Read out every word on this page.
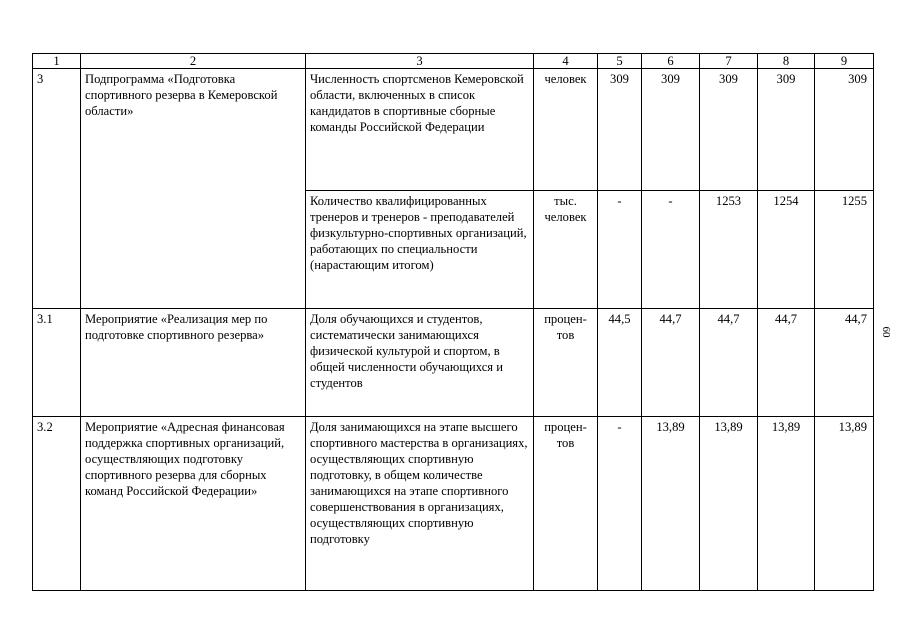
1	2	3	4	5	6	7	8	9
3	Подпрограмма «Подготовка спортивного резерва в Кемеровской области»	Численность спортсменов Кемеровской области, включенных в список кандидатов в спортивные сборные команды Российской Федерации	человек	309	309	309	309	309
		Количество квалифицированных тренеров и тренеров - преподавателей физкультурно-спортивных организаций, работающих по специальности (нарастающим итогом)	тыс. человек	-	-	1253	1254	1255
3.1	Мероприятие «Реализация мер по подготовке спортивного резерва»	Доля обучающихся и студентов, систематически занимающихся физической культурой и спортом, в общей численности обучающихся и студентов	процен-тов	44,5	44,7	44,7	44,7	44,7
3.2	Мероприятие «Адресная финансовая поддержка спортивных организаций, осуществляющих подготовку спортивного резерва для сборных команд Российской Федерации»	Доля занимающихся на этапе высшего спортивного мастерства в организациях, осуществляющих спортивную подготовку, в общем количестве занимающихся на этапе спортивного совершенствования в организациях, осуществляющих спортивную подготовку	процен-тов	-	13,89	13,89	13,89	13,89
60
